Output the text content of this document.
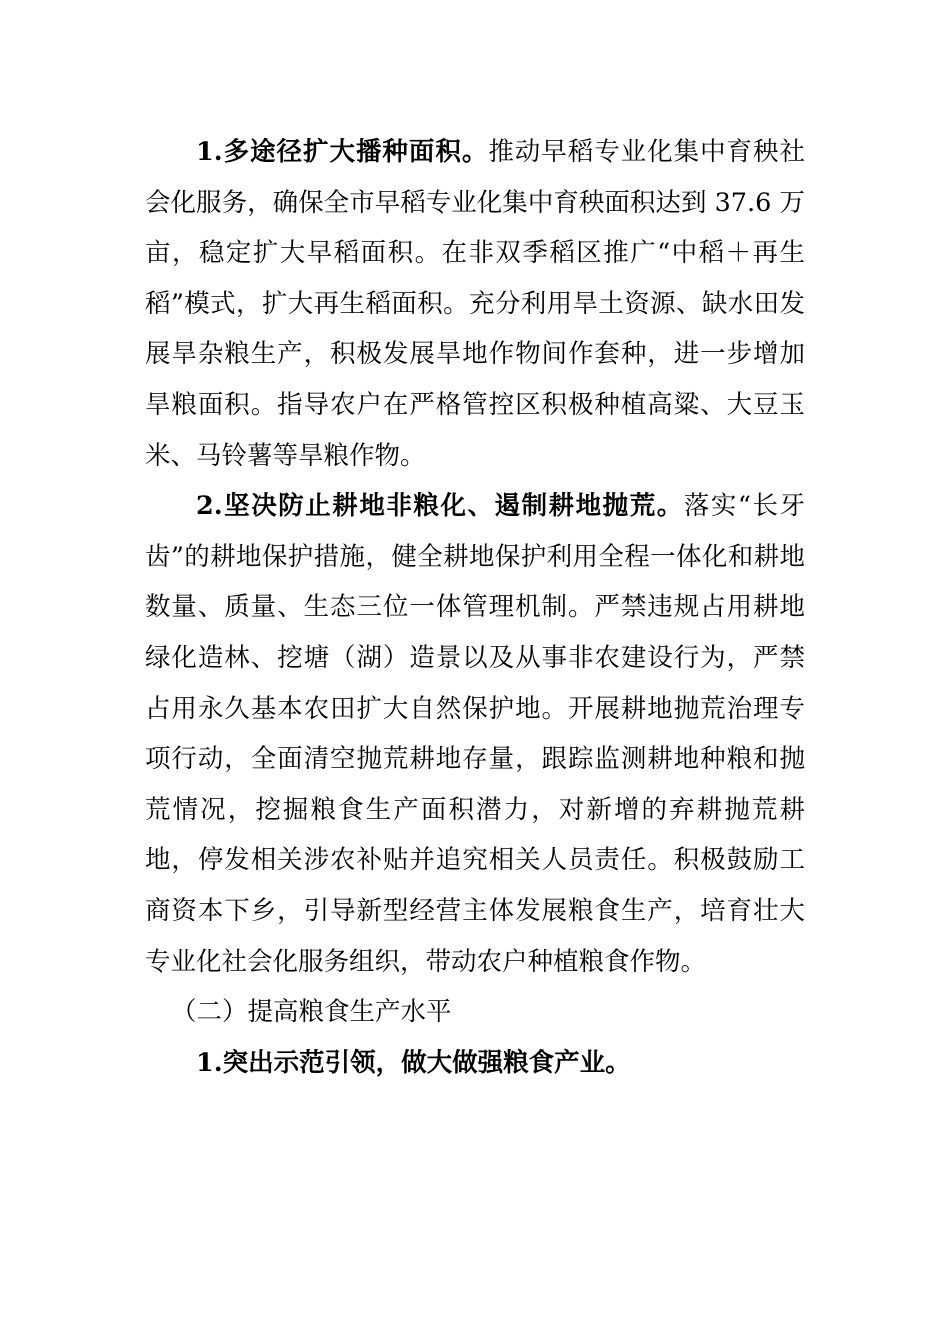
1.多途径扩大播种面积。推动早稻专业化集中育秧社会化服务，确保全市早稻专业化集中育秧面积达到 37.6 万亩，稳定扩大早稻面积。在非双季稻区推广“中稻＋再生稻”模式，扩大再生稻面积。充分利用旱土资源、缺水田发展旱杂粮生产，积极发展旱地作物间作套种，进一步增加旱粮面积。指导农户在严格管控区积极种植高粱、大豆玉米、马铃薯等旱粮作物。

2.坚决防止耕地非粮化、遏制耕地抛荒。落实“长牙齿”的耕地保护措施，健全耕地保护利用全程一体化和耕地数量、质量、生态三位一体管理机制。严禁违规占用耕地绿化造林、挖塘（湖）造景以及从事非农建设行为，严禁占用永久基本农田扩大自然保护地。开展耕地抛荒治理专项行动，全面清空抛荒耕地存量，跟踪监测耕地种粮和抛荒情况，挖掘粮食生产面积潜力，对新增的弃耕抛荒耕地，停发相关涉农补贴并追究相关人员责任。积极鼓励工商资本下乡，引导新型经营主体发展粮食生产，培育壮大专业化社会化服务组织，带动农户种植粮食作物。

（二）提高粮食生产水平

1.突出示范引领，做大做强粮食产业。
